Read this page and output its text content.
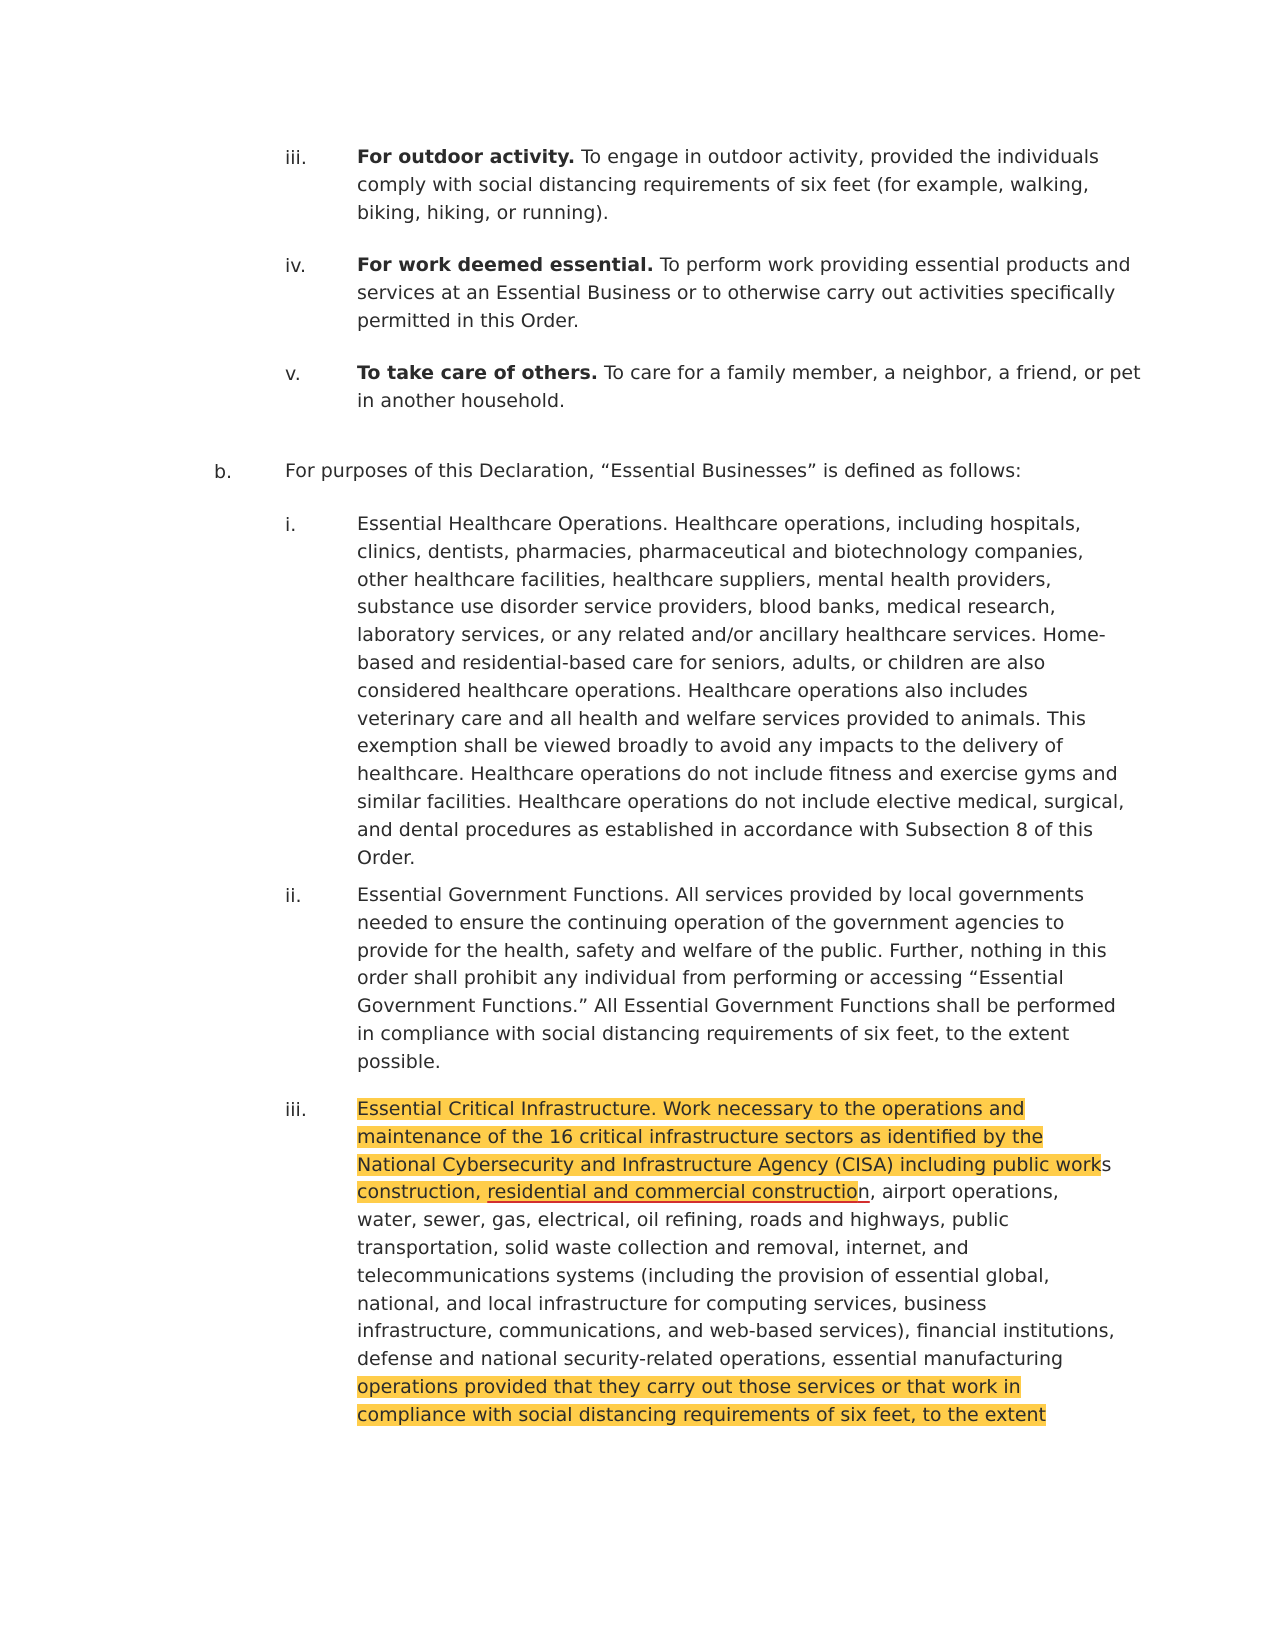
iii.	For outdoor activity. To engage in outdoor activity, provided the individuals
comply with social distancing requirements of six feet (for example, walking,
biking, hiking, or running).
iv.	For work deemed essential. To perform work providing essential products and
services at an Essential Business or to otherwise carry out activities specifically
permitted in this Order.
v.	To take care of others. To care for a family member, a neighbor, a friend, or pet
in another household.
b.	For purposes of this Declaration, “Essential Businesses” is defined as follows:
i.	Essential Healthcare Operations. Healthcare operations, including hospitals,
clinics, dentists, pharmacies, pharmaceutical and biotechnology companies,
other healthcare facilities, healthcare suppliers, mental health providers,
substance use disorder service providers, blood banks, medical research,
laboratory services, or any related and/or ancillary healthcare services. Home-
based and residential-based care for seniors, adults, or children are also
considered healthcare operations. Healthcare operations also includes
veterinary care and all health and welfare services provided to animals. This
exemption shall be viewed broadly to avoid any impacts to the delivery of
healthcare. Healthcare operations do not include fitness and exercise gyms and
similar facilities. Healthcare operations do not include elective medical, surgical,
and dental procedures as established in accordance with Subsection 8 of this
Order.
ii.	Essential Government Functions. All services provided by local governments
needed to ensure the continuing operation of the government agencies to
provide for the health, safety and welfare of the public. Further, nothing in this
order shall prohibit any individual from performing or accessing “Essential
Government Functions.” All Essential Government Functions shall be performed
in compliance with social distancing requirements of six feet, to the extent
possible.
iii.	Essential Critical Infrastructure. Work necessary to the operations and
maintenance of the 16 critical infrastructure sectors as identified by the
National Cybersecurity and Infrastructure Agency (CISA) including public works
construction, residential and commercial construction, airport operations,
water, sewer, gas, electrical, oil refining, roads and highways, public
transportation, solid waste collection and removal, internet, and
telecommunications systems (including the provision of essential global,
national, and local infrastructure for computing services, business
infrastructure, communications, and web-based services), financial institutions,
defense and national security-related operations, essential manufacturing
operations provided that they carry out those services or that work in
compliance with social distancing requirements of six feet, to the extent
